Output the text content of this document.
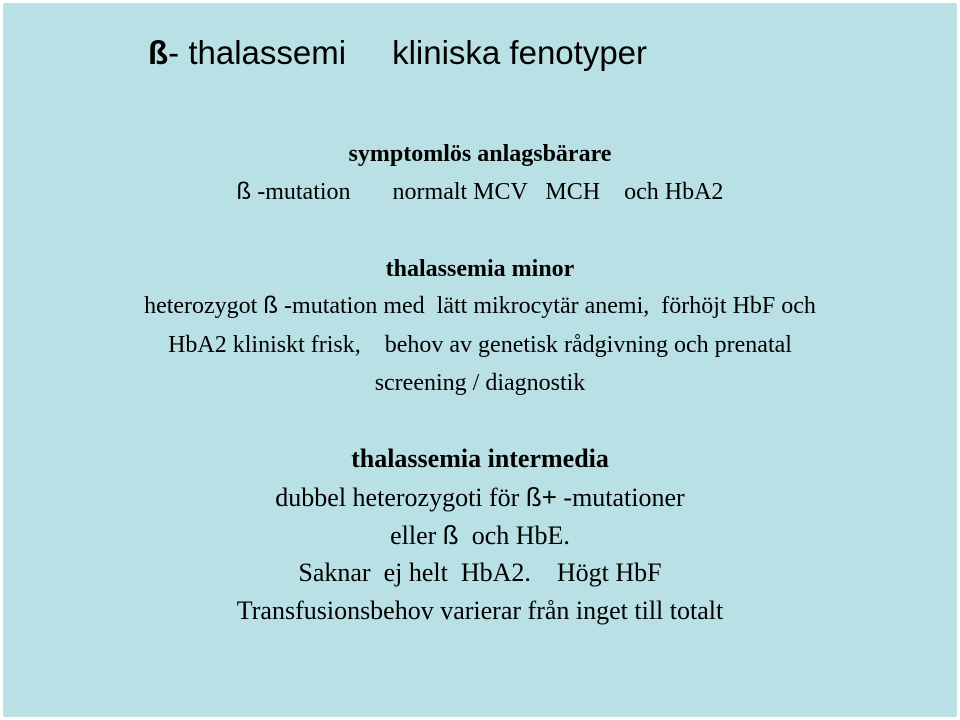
ß- thalassemi kliniska fenotyper
symptomlös anlagsbärare
ß -mutation       normalt MCV   MCH    och HbA2
thalassemia minor
heterozygot ß -mutation med  lätt mikrocytär anemi,  förhöjt HbF och
HbA2 kliniskt frisk,    behov av genetisk rådgivning och prenatal
screening / diagnostik
thalassemia intermedia
dubbel heterozygoti för ß+ -mutationer
eller ß  och HbE.
Saknar  ej helt  HbA2.    Högt HbF
Transfusionsbehov varierar från inget till totalt
